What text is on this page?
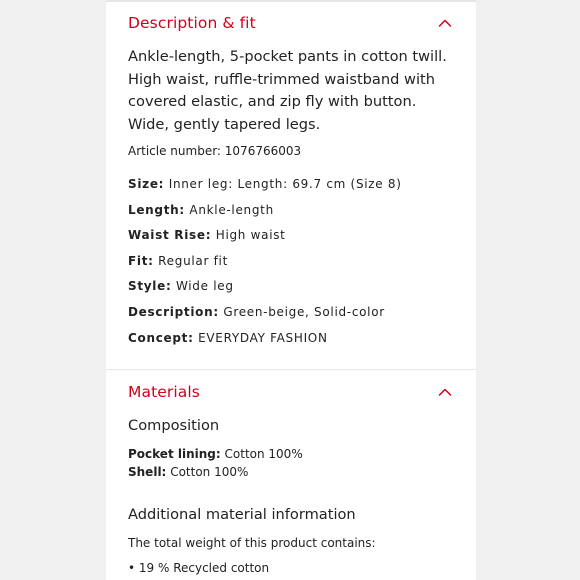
Description & fit
Ankle-length, 5-pocket pants in cotton twill. High waist, ruffle-trimmed waistband with covered elastic, and zip fly with button. Wide, gently tapered legs.
Article number: 1076766003
Size: Inner leg: Length: 69.7 cm (Size 8)
Length: Ankle-length
Waist Rise: High waist
Fit: Regular fit
Style: Wide leg
Description: Green-beige, Solid-color
Concept: EVERYDAY FASHION
Materials
Composition
Pocket lining: Cotton 100%
Shell: Cotton 100%
Additional material information
The total weight of this product contains:
• 19 % Recycled cotton
